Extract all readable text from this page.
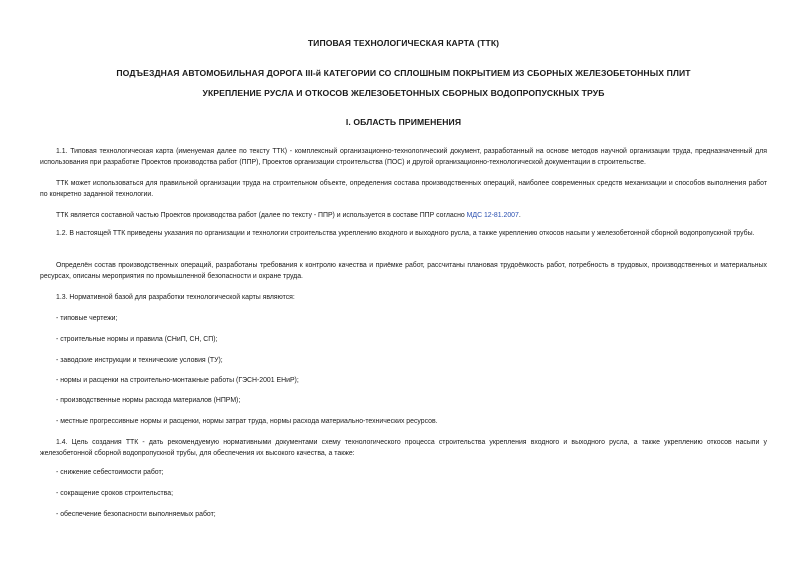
ТИПОВАЯ ТЕХНОЛОГИЧЕСКАЯ КАРТА (ТТК)
ПОДЪЕЗДНАЯ АВТОМОБИЛЬНАЯ ДОРОГА III-й КАТЕГОРИИ СО СПЛОШНЫМ ПОКРЫТИЕМ ИЗ СБОРНЫХ ЖЕЛЕЗОБЕТОННЫХ ПЛИТ
УКРЕПЛЕНИЕ РУСЛА И ОТКОСОВ ЖЕЛЕЗОБЕТОННЫХ СБОРНЫХ ВОДОПРОПУСКНЫХ ТРУБ
I. ОБЛАСТЬ ПРИМЕНЕНИЯ
1.1. Типовая технологическая карта (именуемая далее по тексту ТТК) - комплексный организационно-технологический документ, разработанный на основе методов научной организации труда, предназначенный для использования при разработке Проектов производства работ (ППР), Проектов организации строительства (ПОС) и другой организационно-технологической документации в строительстве.
ТТК может использоваться для правильной организации труда на строительном объекте, определения состава производственных операций, наиболее современных средств механизации и способов выполнения работ по конкретно заданной технологии.
ТТК является составной частью Проектов производства работ (далее по тексту - ППР) и используется в составе ППР согласно МДС 12-81.2007.
1.2. В настоящей ТТК приведены указания по организации и технологии строительства укреплению входного и выходного русла, а также укреплению откосов насыпи у железобетонной сборной водопропускной трубы.
Определён состав производственных операций, разработаны требования к контролю качества и приёмке работ, рассчитаны плановая трудоёмкость работ, потребность в трудовых, производственных и материальных ресурсах, описаны мероприятия по промышленной безопасности и охране труда.
1.3. Нормативной базой для разработки технологической карты являются:
- типовые чертежи;
- строительные нормы и правила (СНиП, СН, СП);
- заводские инструкции и технические условия (ТУ);
- нормы и расценки на строительно-монтажные работы (ГЭСН-2001 ЕНиР);
- производственные нормы расхода материалов (НПРМ);
- местные прогрессивные нормы и расценки, нормы затрат труда, нормы расхода материально-технических ресурсов.
1.4. Цель создания ТТК - дать рекомендуемую нормативными документами схему технологического процесса строительства укрепления входного и выходного русла, а также укреплению откосов насыпи у железобетонной сборной водопропускной трубы, для обеспечения их высокого качества, а также:
- снижение себестоимости работ;
- сокращение сроков строительства;
- обеспечение безопасности выполняемых работ;
